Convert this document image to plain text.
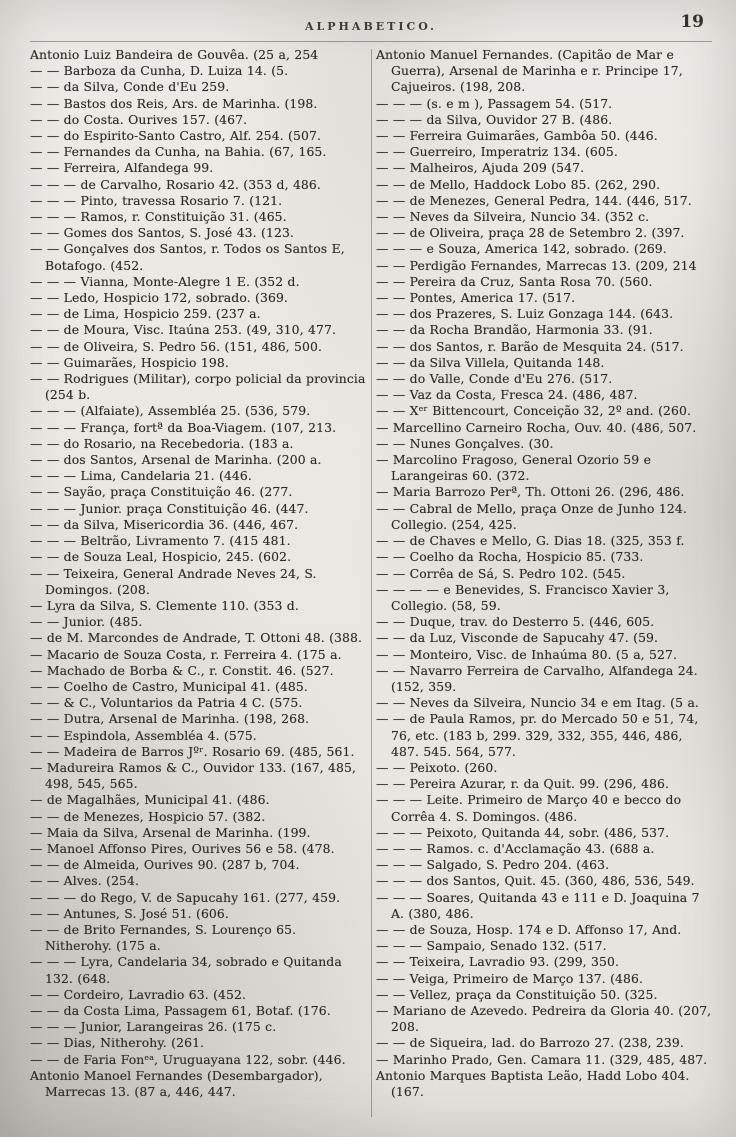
ALPHABETICO.	19
Antonio Luiz Bandeira de Gouvêa. (25 a, 254
— — Barboza da Cunha, D. Luiza 14. (5.
— — da Silva, Conde d'Eu 259.
— — Bastos dos Reis, Ars. de Marinha. (198.
— — do Costa. Ourives 157. (467.
— — do Espirito-Santo Castro, Alf. 254. (507.
— — Fernandes da Cunha, na Bahia. (67, 165.
— — Ferreira, Alfandega 99.
— — — de Carvalho, Rosario 42. (353 d, 486.
— — — Pinto, travessa Rosario 7. (121.
— — — Ramos, r. Constituição 31. (465.
— — Gomes dos Santos, S. José 43. (123.
— — Gonçalves dos Santos, r. Todos os Santos E, Botafogo. (452.
— — — Vianna, Monte-Alegre 1 E. (352 d.
— — Ledo, Hospicio 172, sobrado. (369.
— — de Lima, Hospicio 259. (237 a.
— — de Moura, Visc. Itaúna 253. (49, 310, 477.
— — de Oliveira, S. Pedro 56. (151, 486, 500.
— — Guimarães, Hospicio 198.
— — Rodrigues (Militar), corpo policial da provincia (254 b.
— — — (Alfaiate), Assembléa 25. (536, 579.
— — — França, fortª da Boa-Viagem. (107, 213.
— — do Rosario, na Recebedoria. (183 a.
— — dos Santos, Arsenal de Marinha. (200 a.
— — — Lima, Candelaria 21. (446.
— — Sayão, praça Constituição 46. (277.
— — — Junior. praça Constituição 46. (447.
— — da Silva, Misericordia 36. (446, 467.
— — — Beltrão, Livramento 7. (415 481.
— — de Souza Leal, Hospicio, 245. (602.
— — Teixeira, General Andrade Neves 24, S. Domingos. (208.
— Lyra da Silva, S. Clemente 110. (353 d.
— — Junior. (485.
— de M. Marcondes de Andrade, T. Ottoni 48. (388.
— Macario de Souza Costa, r. Ferreira 4. (175 a.
— Machado de Borba & C., r. Constit. 46. (527.
— — Coelho de Castro, Municipal 41. (485.
— — & C., Voluntarios da Patria 4 C. (575.
— — Dutra, Arsenal de Marinha. (198, 268.
— — Espindola, Assembléa 4. (575.
— — Madeira de Barros Jºʳ. Rosario 69. (485, 561.
— Madureira Ramos & C., Ouvidor 133. (167, 485, 498, 545, 565.
— de Magalhães, Municipal 41. (486.
— — de Menezes, Hospicio 57. (382.
— Maia da Silva, Arsenal de Marinha. (199.
— Manoel Affonso Pires, Ourives 56 e 58. (478.
— — de Almeida, Ourives 90. (287 b, 704.
— — Alves. (254.
— — — do Rego, V. de Sapucahy 161. (277, 459.
— — Antunes, S. José 51. (606.
— — de Brito Fernandes, S. Lourenço 65. Nitherohy. (175 a.
— — — Lyra, Candelaria 34, sobrado e Quitanda 132. (648.
— — Cordeiro, Lavradio 63. (452.
— — da Costa Lima, Passagem 61, Botaf. (176.
— — — Junior, Larangeiras 26. (175 c.
— — Dias, Nitherohy. (261.
— — de Faria Fonᵉᵃ, Uruguayana 122, sobr. (446.
Antonio Manoel Fernandes (Desembargador), Marrecas 13. (87 a, 446, 447.
Antonio Manuel Fernandes. (Capitão de Mar e Guerra), Arsenal de Marinha e r. Principe 17, Cajueiros. (198, 208.
— — — (s. e m ), Passagem 54. (517.
— — — da Silva, Ouvidor 27 B. (486.
— — Ferreira Guimarães, Gambôa 50. (446.
— — Guerreiro, Imperatriz 134. (605.
— — Malheiros, Ajuda 209 (547.
— — de Mello, Haddock Lobo 85. (262, 290.
— — de Menezes, General Pedra, 144. (446, 517.
— — Neves da Silveira, Nuncio 34. (352 c.
— — de Oliveira, praça 28 de Setembro 2. (397.
— — — e Souza, America 142, sobrado. (269.
— — Perdigão Fernandes, Marrecas 13. (209, 214
— — Pereira da Cruz, Santa Rosa 70. (560.
— — Pontes, America 17. (517.
— — dos Prazeres, S. Luiz Gonzaga 144. (643.
— — da Rocha Brandão, Harmonia 33. (91.
— — dos Santos, r. Barão de Mesquita 24. (517.
— — da Silva Villela, Quitanda 148.
— — do Valle, Conde d'Eu 276. (517.
— — Vaz da Costa, Fresca 24. (486, 487.
— — Xᵉʳ Bittencourt, Conceição 32, 2º and. (260.
— Marcellino Carneiro Rocha, Ouv. 40. (486, 507.
— — Nunes Gonçalves. (30.
— Marcolino Fragoso, General Ozorio 59 e Larangeiras 60. (372.
— Maria Barrozo Perª, Th. Ottoni 26. (296, 486.
— — Cabral de Mello, praça Onze de Junho 124. Collegio. (254, 425.
— — de Chaves e Mello, G. Dias 18. (325, 353 f.
— — Coelho da Rocha, Hospicio 85. (733.
— — Corrêa de Sá, S. Pedro 102. (545.
— — — — e Benevides, S. Francisco Xavier 3, Collegio. (58, 59.
— — Duque, trav. do Desterro 5. (446, 605.
— — da Luz, Visconde de Sapucahy 47. (59.
— — Monteiro, Visc. de Inhaúma 80. (5 a, 527.
— — Navarro Ferreira de Carvalho, Alfandega 24. (152, 359.
— — Neves da Silveira, Nuncio 34 e em Itag. (5 a.
— — de Paula Ramos, pr. do Mercado 50 e 51, 74, 76, etc. (183 b, 299. 329, 332, 355, 446, 486, 487. 545. 564, 577.
— — Peixoto. (260.
— — Pereira Azurar, r. da Quit. 99. (296, 486.
— — — Leite. Primeiro de Março 40 e becco do Corrêa 4. S. Domingos. (486.
— — — Peixoto, Quitanda 44, sobr. (486, 537.
— — — Ramos. c. d'Acclamação 43. (688 a.
— — — Salgado, S. Pedro 204. (463.
— — — dos Santos, Quit. 45. (360, 486, 536, 549.
— — — Soares, Quitanda 43 e 111 e D. Joaquina 7 A. (380, 486.
— — de Souza, Hosp. 174 e D. Affonso 17, And.
— — — Sampaio, Senado 132. (517.
— — Teixeira, Lavradio 93. (299, 350.
— — Veiga, Primeiro de Março 137. (486.
— — Vellez, praça da Constituição 50. (325.
— Mariano de Azevedo. Pedreira da Gloria 40. (207, 208.
— — de Siqueira, lad. do Barrozo 27. (238, 239.
— Marinho Prado, Gen. Camara 11. (329, 485, 487.
Antonio Marques Baptista Leão, Hadd Lobo 404. (167.
